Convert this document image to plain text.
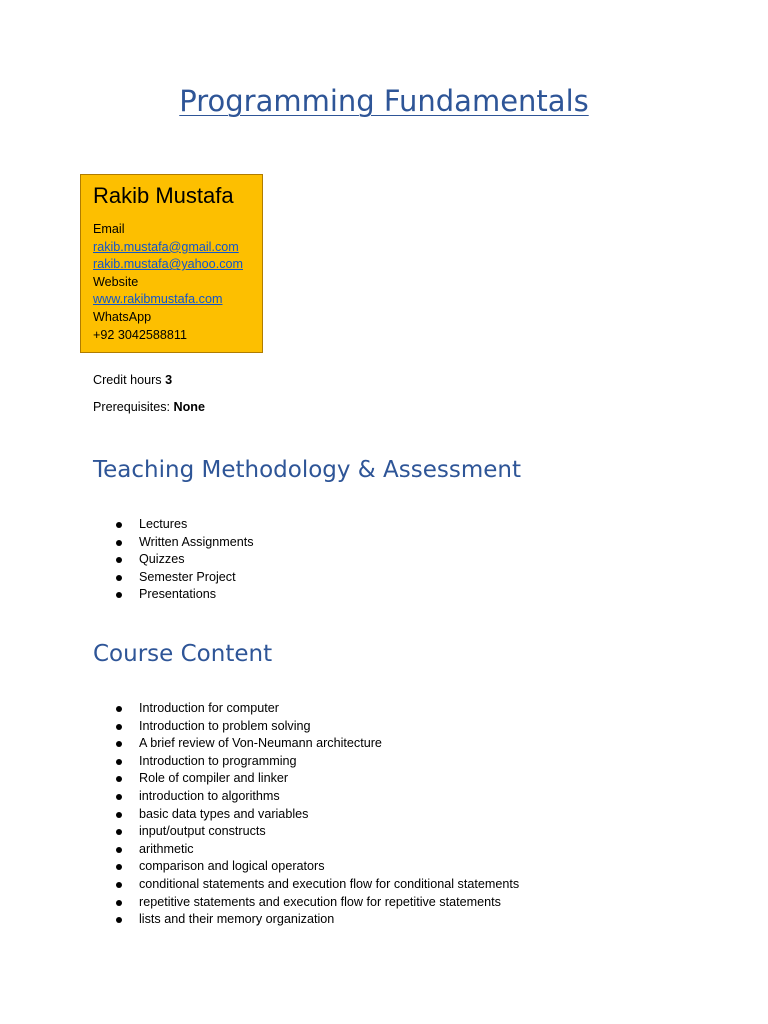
Programming Fundamentals
Rakib Mustafa
Email
rakib.mustafa@gmail.com
rakib.mustafa@yahoo.com
Website
www.rakibmustafa.com
WhatsApp
+92 3042588811
Credit hours 3
Prerequisites: None
Teaching Methodology & Assessment
Lectures
Written Assignments
Quizzes
Semester Project
Presentations
Course Content
Introduction for computer
Introduction to problem solving
A brief review of Von-Neumann architecture
Introduction to programming
Role of compiler and linker
introduction to algorithms
basic data types and variables
input/output constructs
arithmetic
comparison and logical operators
conditional statements and execution flow for conditional statements
repetitive statements and execution flow for repetitive statements
lists and their memory organization
